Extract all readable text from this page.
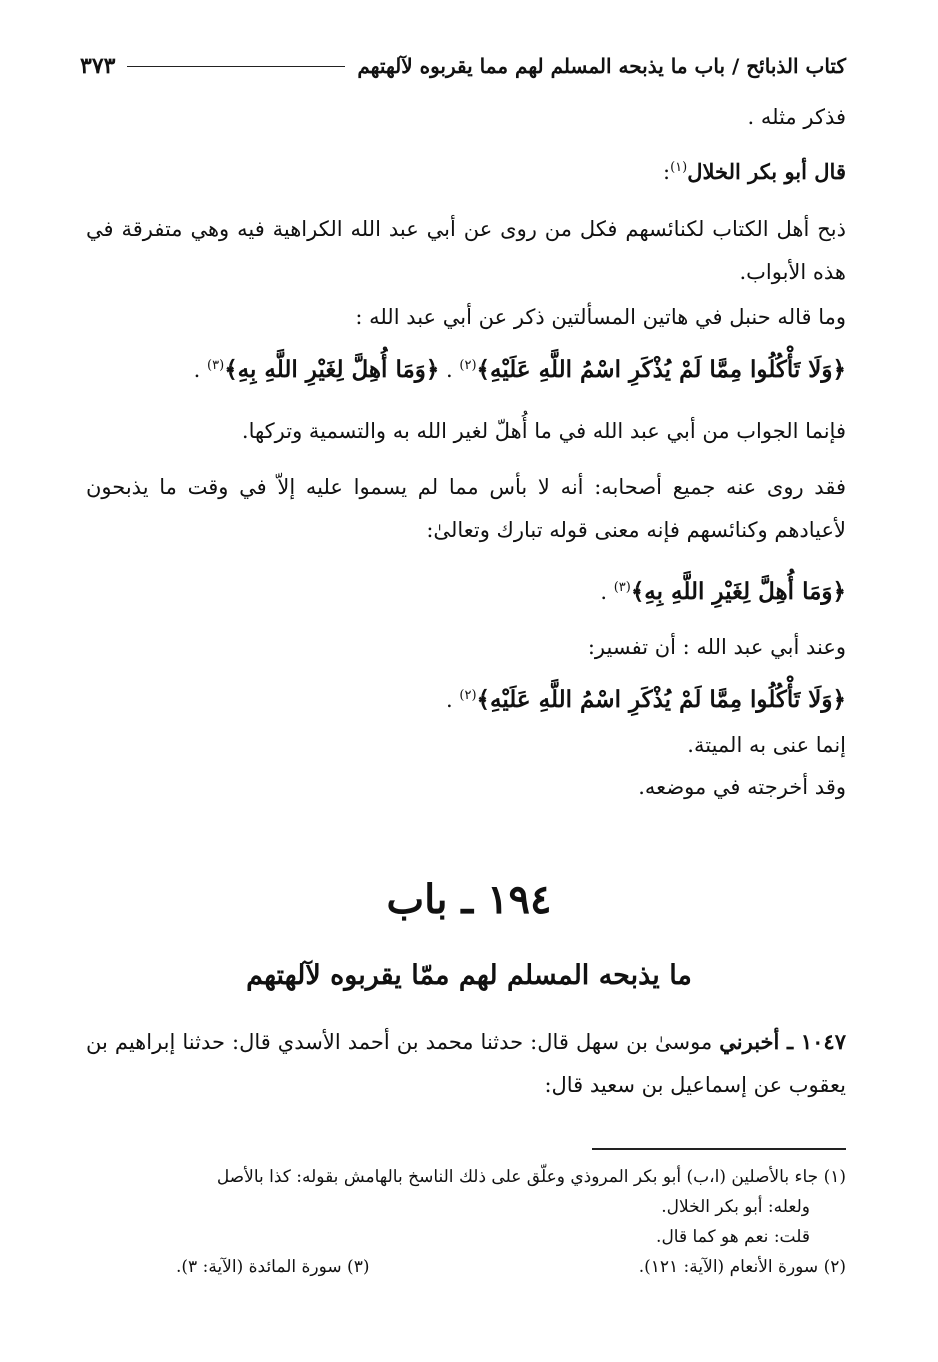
كتاب الذبائح / باب ما يذبحه المسلم لهم مما يقربوه لآلهتهم
٣٧٣
فذكر مثله .
قال أبو بكر الخلال$^{(١)}$:
ذبح أهل الكتاب لكنائسهم فكل من روى عن أبي عبد الله الكراهية فيه وهي متفرقة في هذه الأبواب.
وما قاله حنبل في هاتين المسألتين ذكر عن أبي عبد الله :
﴿وَلَا تَأْكُلُوا مِمَّا لَمْ يُذْكَرِ اسْمُ اللَّهِ عَلَيْهِ﴾$^{(٢)}$ . ﴿وَمَا أُهِلَّ لِغَيْرِ اللَّهِ بِهِ﴾$^{(٣)}$ .
فإنما الجواب من أبي عبد الله في ما أُهلّ لغير الله به والتسمية وتركها.
فقد روى عنه جميع أصحابه: أنه لا بأس مما لم يسموا عليه إلاّ في وقت ما يذبحون لأعيادهم وكنائسهم فإنه معنى قوله تبارك وتعالىٰ:
﴿وَمَا أُهِلَّ لِغَيْرِ اللَّهِ بِهِ﴾$^{(٣)}$ .
وعند أبي عبد الله : أن تفسير:
﴿وَلَا تَأْكُلُوا مِمَّا لَمْ يُذْكَرِ اسْمُ اللَّهِ عَلَيْهِ﴾$^{(٢)}$ .
إنما عنى به الميتة.
وقد أخرجته في موضعه.
١٩٤ ـ باب
ما يذبحه المسلم لهم ممّا يقربوه لآلهتهم
١٠٤٧ ـ أخبرني موسىٰ بن سهل قال: حدثنا محمد بن أحمد الأسدي قال: حدثنا إبراهيم بن يعقوب عن إسماعيل بن سعيد قال:
(١) جاء بالأصلين (ا،ب) أبو بكر المروذي وعلّق على ذلك الناسخ بالهامش بقوله: كذا بالأصل
ولعله: أبو بكر الخلال.
قلت: نعم هو كما قال.
(٢) سورة الأنعام (الآية: ١٢١).
(٣) سورة المائدة (الآية: ٣).
